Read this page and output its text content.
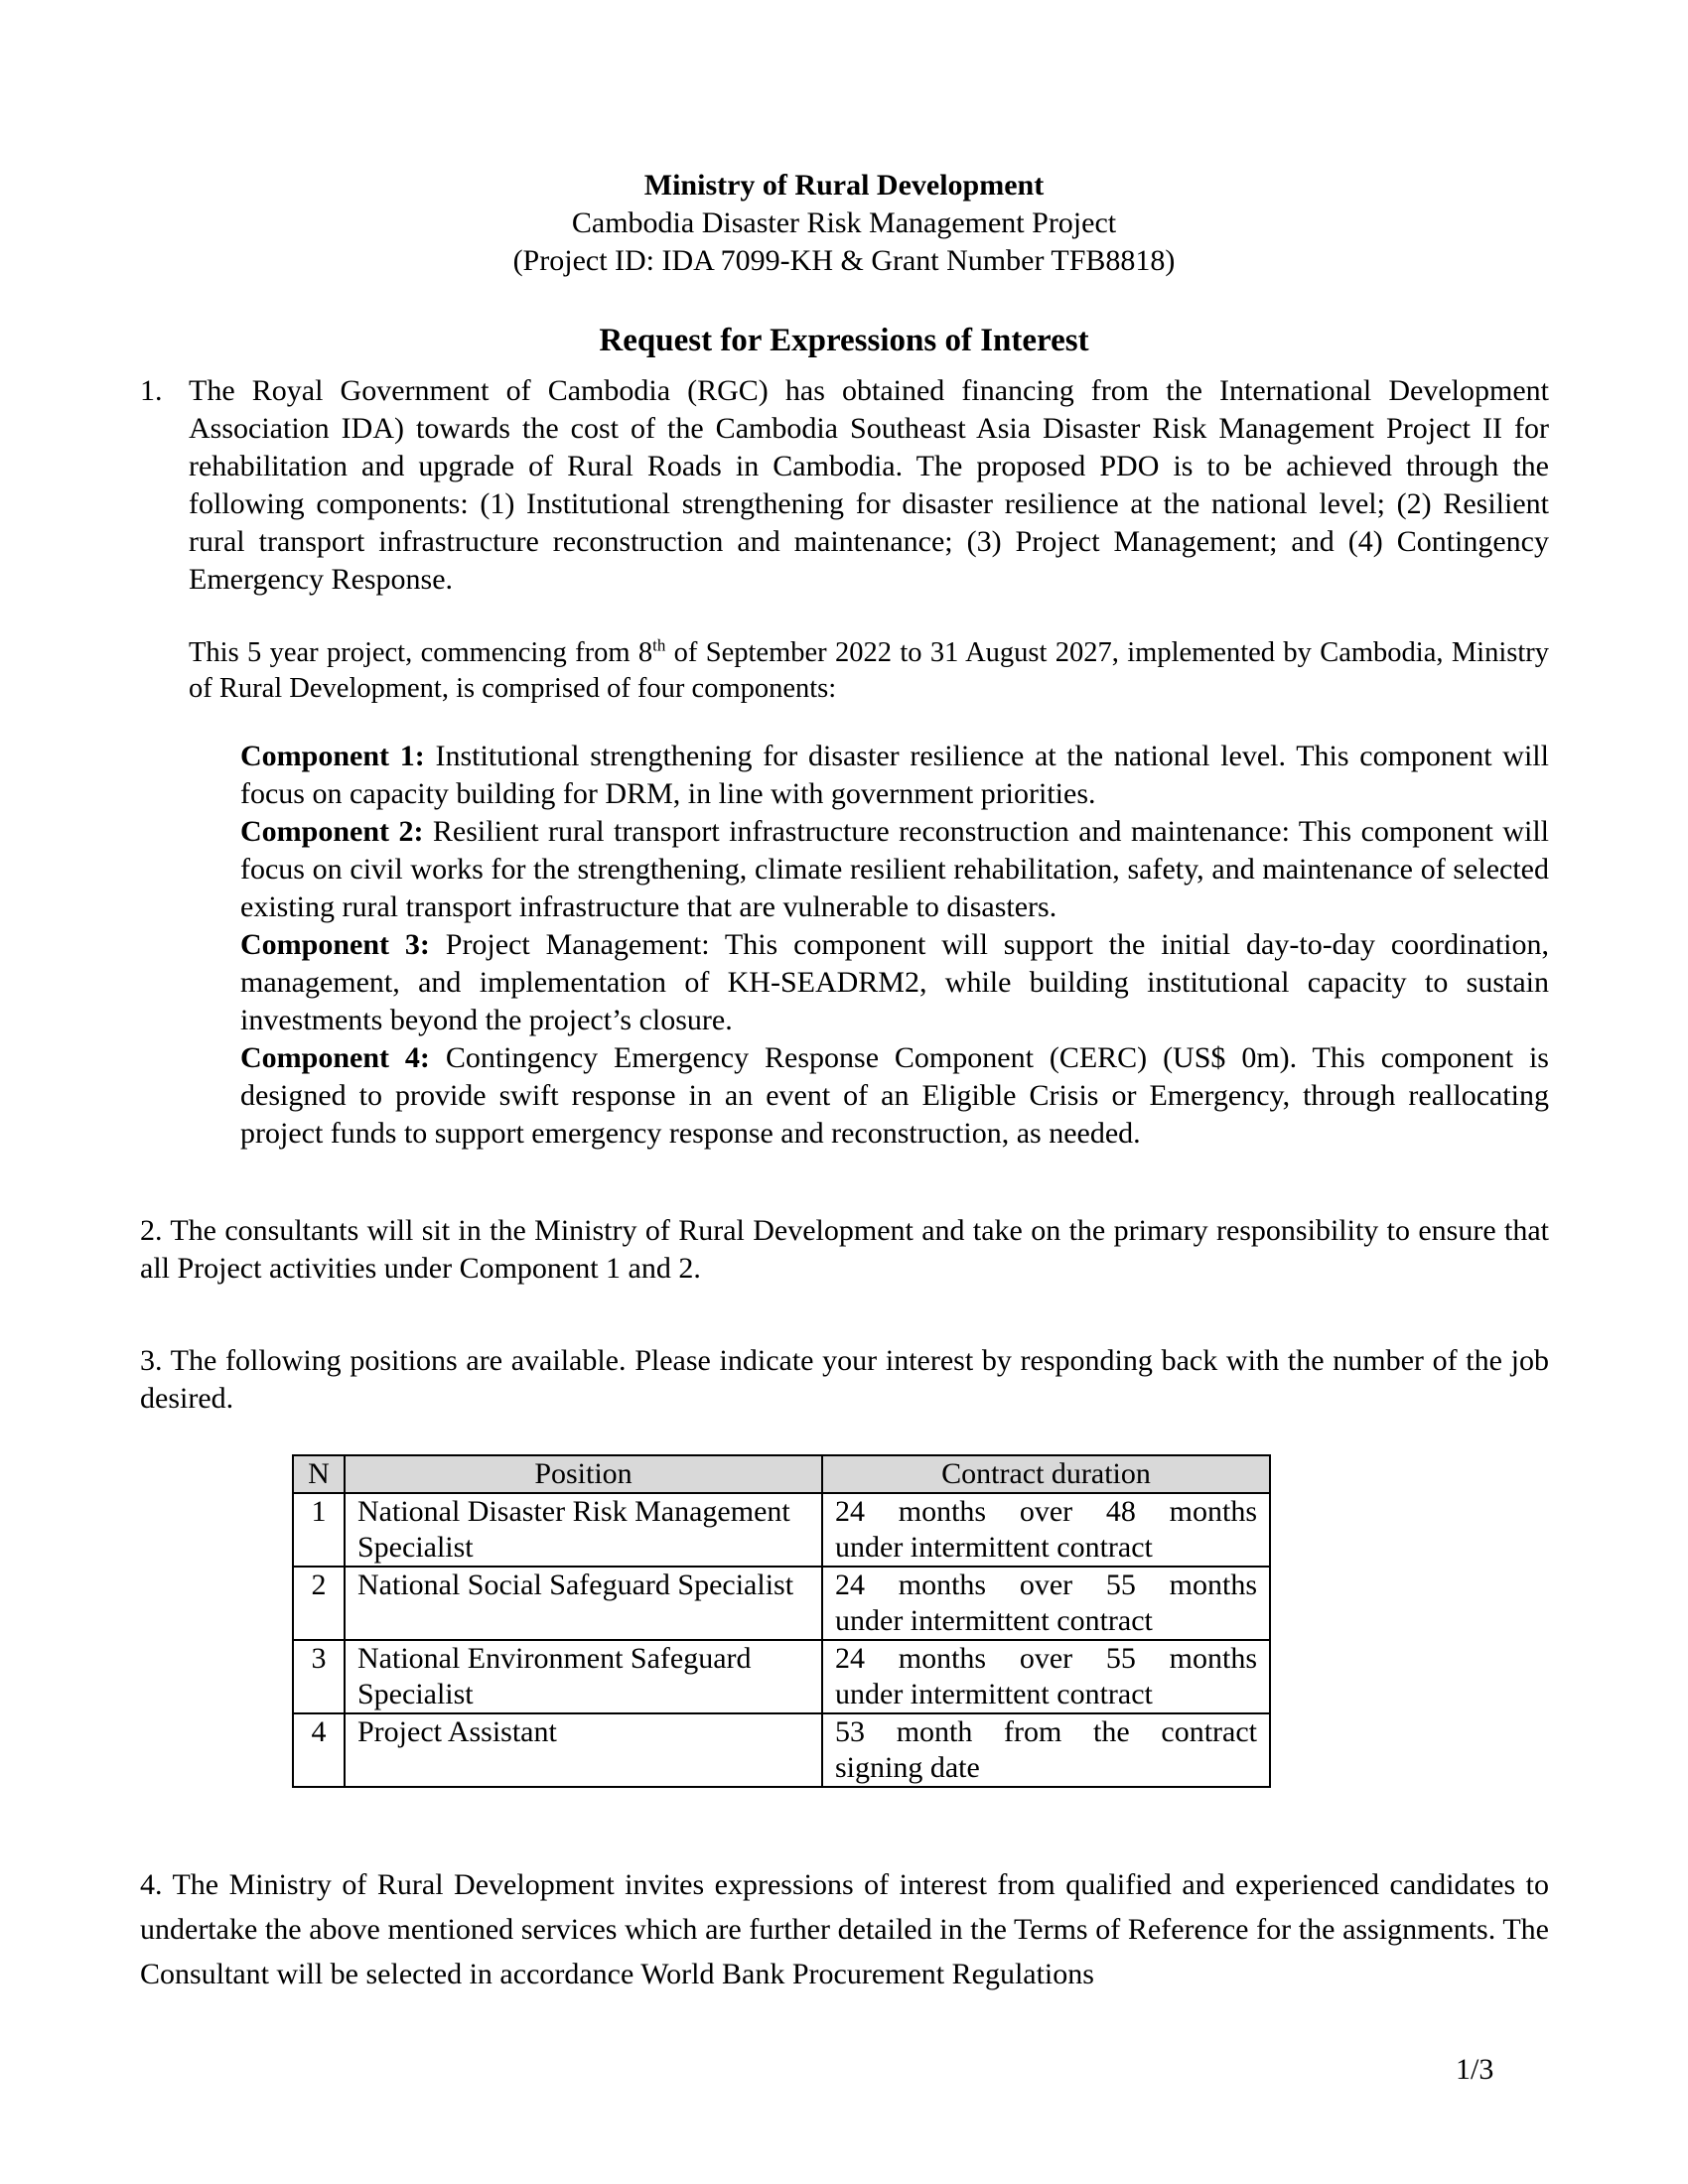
Ministry of Rural Development
Cambodia Disaster Risk Management Project
(Project ID: IDA 7099-KH & Grant Number TFB8818)
Request for Expressions of Interest
1. The Royal Government of Cambodia (RGC) has obtained financing from the International Development Association IDA) towards the cost of the Cambodia Southeast Asia Disaster Risk Management Project II for rehabilitation and upgrade of Rural Roads in Cambodia. The proposed PDO is to be achieved through the following components: (1) Institutional strengthening for disaster resilience at the national level; (2) Resilient rural transport infrastructure reconstruction and maintenance; (3) Project Management; and (4) Contingency Emergency Response.
This 5 year project, commencing from 8th of September 2022 to 31 August 2027, implemented by Cambodia, Ministry of Rural Development, is comprised of four components:
Component 1: Institutional strengthening for disaster resilience at the national level. This component will focus on capacity building for DRM, in line with government priorities.
Component 2: Resilient rural transport infrastructure reconstruction and maintenance: This component will focus on civil works for the strengthening, climate resilient rehabilitation, safety, and maintenance of selected existing rural transport infrastructure that are vulnerable to disasters.
Component 3: Project Management: This component will support the initial day-to-day coordination, management, and implementation of KH-SEADRM2, while building institutional capacity to sustain investments beyond the project’s closure.
Component 4: Contingency Emergency Response Component (CERC) (US$ 0m). This component is designed to provide swift response in an event of an Eligible Crisis or Emergency, through reallocating project funds to support emergency response and reconstruction, as needed.
2. The consultants will sit in the Ministry of Rural Development and take on the primary responsibility to ensure that all Project activities under Component 1 and 2.
3. The following positions are available. Please indicate your interest by responding back with the number of the job desired.
N	Position	Contract duration
1	National Disaster Risk Management Specialist	24 months over 48 months
under intermittent contract
2	National Social Safeguard Specialist	24 months over 55 months
under intermittent contract
3	National Environment Safeguard Specialist	24 months over 55 months
under intermittent contract
4	Project Assistant	53 month from the contract
signing date
4. The Ministry of Rural Development invites expressions of interest from qualified and experienced candidates to undertake the above mentioned services which are further detailed in the Terms of Reference for the assignments. The Consultant will be selected in accordance World Bank Procurement Regulations
1/3
